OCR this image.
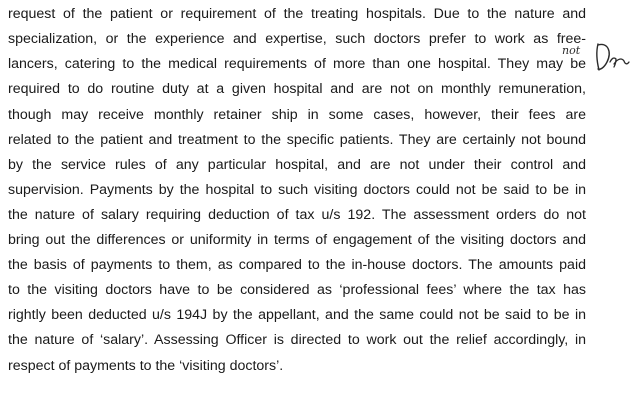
request of the patient or requirement of the treating hospitals. Due to the nature and
specialization, or the experience and expertise, such doctors prefer to work as free-
lancers, catering to the medical requirements of more than one hospital. They may be
required to do routine duty at a given hospital and are not on monthly remuneration,
though may receive monthly retainer ship in some cases, however, their fees are
related to the patient and treatment to the specific patients. They are certainly not bound
by the service rules of any particular hospital, and are not under their control and
supervision. Payments by the hospital to such visiting doctors could not be said to be in
the nature of salary requiring deduction of tax u/s 192. The assessment orders do not
bring out the differences or uniformity in terms of engagement of the visiting doctors and
the basis of payments to them, as compared to the in-house doctors. The amounts paid
to the visiting doctors have to be considered as ‘professional fees’ where the tax has
rightly been deducted u/s 194J by the appellant, and the same could not be said to be in
the nature of ‘salary’. Assessing Officer is directed to work out the relief accordingly, in
respect of payments to the ‘visiting doctors’.
not
